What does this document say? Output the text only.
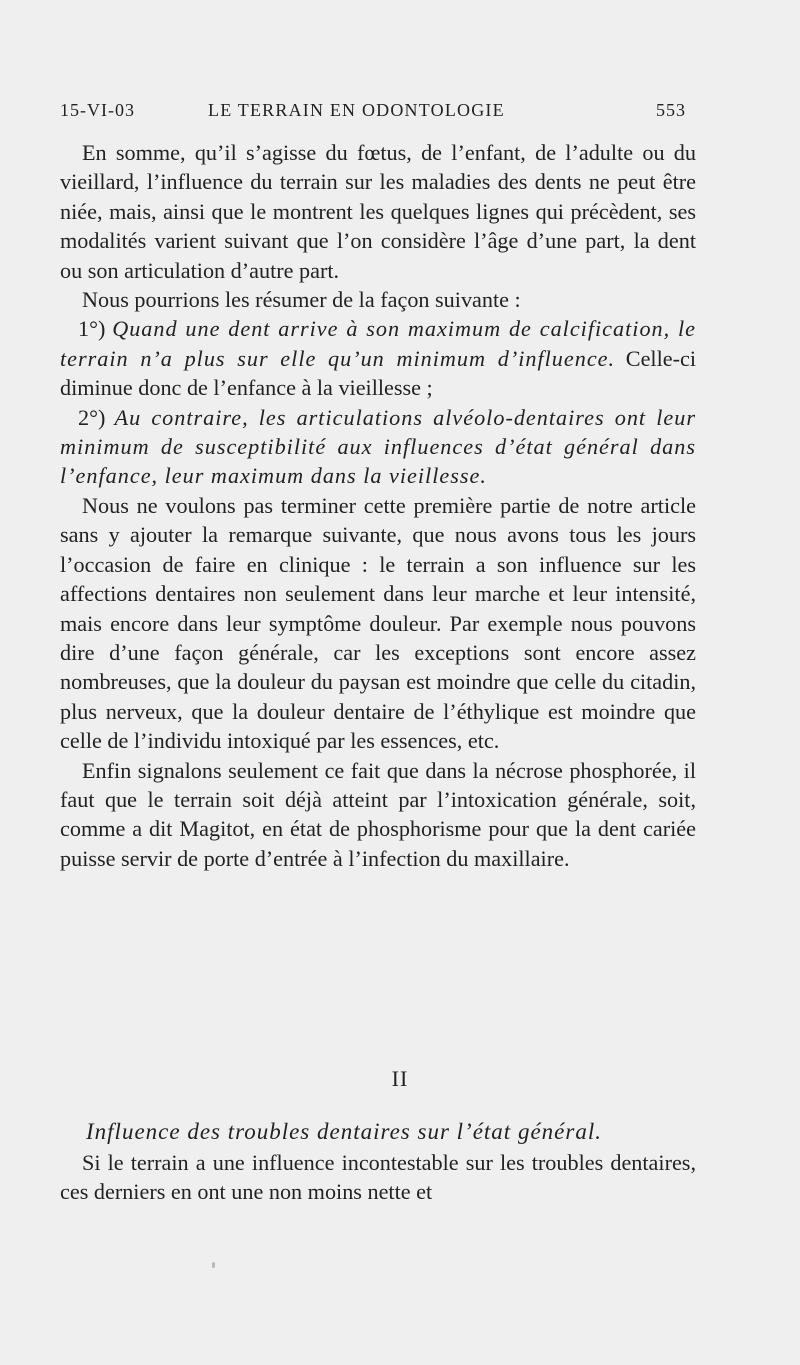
15-VI-03	LE TERRAIN EN ODONTOLOGIE	553

En somme, qu’il s’agisse du fœtus, de l’enfant, de l’adulte ou du vieillard, l’influence du terrain sur les maladies des dents ne peut être niée, mais, ainsi que le montrent les quelques lignes qui précèdent, ses modalités varient suivant que l’on considère l’âge d’une part, la dent ou son articulation d’autre part.

Nous pourrions les résumer de la façon suivante :

1°) Quand une dent arrive à son maximum de calcification, le terrain n’a plus sur elle qu’un minimum d’influence. Celle-ci diminue donc de l’enfance à la vieillesse ;

2°) Au contraire, les articulations alvéolo-dentaires ont leur minimum de susceptibilité aux influences d’état général dans l’enfance, leur maximum dans la vieillesse.

Nous ne voulons pas terminer cette première partie de notre article sans y ajouter la remarque suivante, que nous avons tous les jours l’occasion de faire en clinique : le terrain a son influence sur les affections dentaires non seulement dans leur marche et leur intensité, mais encore dans leur symptôme douleur. Par exemple nous pouvons dire d’une façon générale, car les exceptions sont encore assez nombreuses, que la douleur du paysan est moindre que celle du citadin, plus nerveux, que la douleur dentaire de l’éthylique est moindre que celle de l’individu intoxiqué par les essences, etc.

Enfin signalons seulement ce fait que dans la nécrose phosphorée, il faut que le terrain soit déjà atteint par l’intoxication générale, soit, comme a dit Magitot, en état de phosphorisme pour que la dent cariée puisse servir de porte d’entrée à l’infection du maxillaire.

II
Influence des troubles dentaires sur l’état général.

Si le terrain a une influence incontestable sur les troubles dentaires, ces derniers en ont une non moins nette et
